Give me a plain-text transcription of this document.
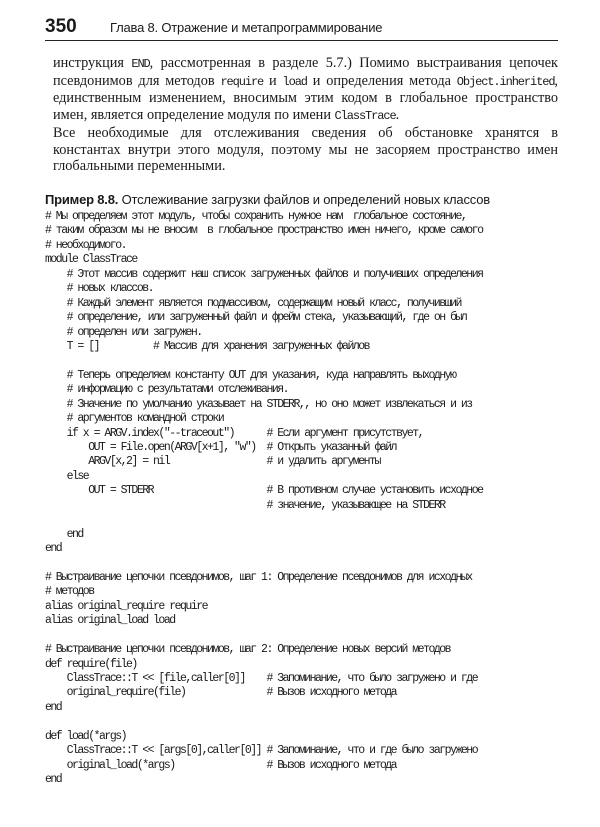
350	Глава 8. Отражение и метапрограммирование

инструкция END, рассмотренная в разделе 5.7.) Помимо выстраивания цепочек псевдонимов для методов require и load и определения метода Object.inherited, единственным изменением, вносимым этим кодом в глобальное пространство имен, является определение модуля по имени ClassTrace.

Все необходимые для отслеживания сведения об обстановке хранятся в константах внутри этого модуля, поэтому мы не засоряем пространство имен глобальными переменными.

Пример 8.8. Отслеживание загрузки файлов и определений новых классов
# Мы определяем этот модуль, чтобы сохранить нужное нам  глобальное состояние,
# таким образом мы не вносим  в глобальное пространство имен ничего, кроме самого
# необходимого.
module ClassTrace
# Этот массив содержит наш список загруженных файлов и получивших определения
# новых классов.
# Каждый элемент является подмассивом, содержащим новый класс, получивший
# определение, или загруженный файл и фрейм стека, указывающий, где он был
# определен или загружен.
T = []          # Массив для хранения загруженных файлов
# Теперь определяем константу OUT для указания, куда направлять выходную
# информацию с результатами отслеживания.
# Значение по умолчанию указывает на STDERR,, но оно может извлекаться и из
# аргументов командной строки
if x = ARGV.index("--traceout")      # Если аргумент присутствует,
OUT = File.open(ARGV[x+1], "w")  # Открыть указанный файл
ARGV[x,2] = nil                  # и удалить аргументы
else
OUT = STDERR                     # В противном случае установить исходное
# значение, указывающее на STDERR
end
end
# Выстраивание цепочки псевдонимов, шаг 1: Определение псевдонимов для исходных
# методов
alias original_require require
alias original_load load
# Выстраивание цепочки псевдонимов, шаг 2: Определение новых версий методов
def require(file)
ClassTrace::T << [file,caller[0]]    # Запоминание, что было загружено и где
original_require(file)               # Вызов исходного метода
end
def load(*args)
ClassTrace::T << [args[0],caller[0]] # Запоминание, что и где было загружено
original_load(*args)                 # Вызов исходного метода
end
